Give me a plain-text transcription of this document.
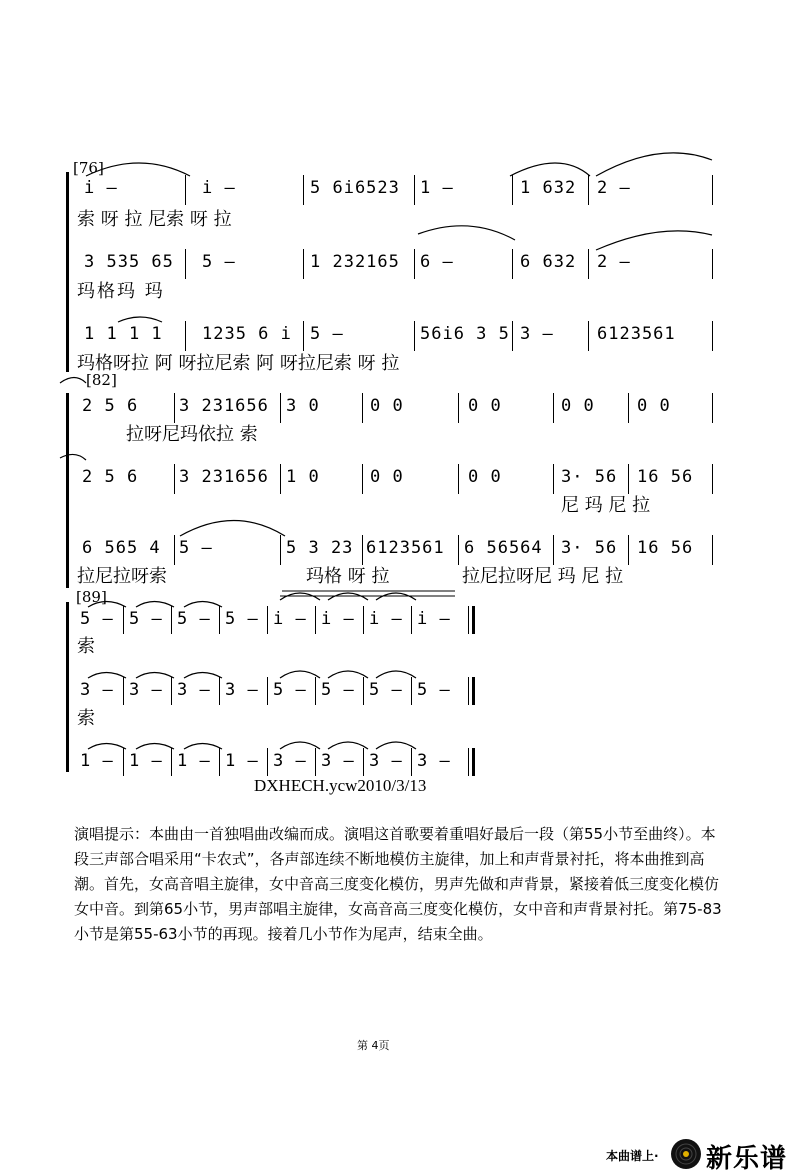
[76]
i –	i –	5 6i6523 1 –	1 632 2 –
索 呀 拉 尼索 呀 拉
3 535 65 5 –	1 232165 6 –	6 632 2 –
玛格玛 玛
1 1 1 1 1235 6 i 5 –	56i6 3 5 3 –	6123561
玛格呀拉 阿 呀拉尼索 阿 呀拉尼索 呀 拉
[82]
2 5 6 3 231656 3 0	0 0	0 0	0 0 0 0
拉呀尼玛依拉 索
2 5 6 3 231656 1 0	0 0	0 0	3· 56 16 56
尼 玛 尼 拉
6 565 4 5 –	5 3 23 6123561 6 56564 3· 56 16 56
拉尼拉呀索	玛格 呀 拉	拉尼拉呀尼 玛 尼 拉
[89]
5 – 5 – 5 – 5 – i – i – i – i –
索
3 – 3 – 3 – 3 – 5 – 5 – 5 – 5 –
索
1 – 1 – 1 – 1 – 3 – 3 – 3 – 3 –
DXHECH.ycw2010/3/13
演唱提示：本曲由一首独唱曲改编而成。演唱这首歌要着重唱好最后一段（第55小节至曲终）。本段三声部合唱采用“卡农式”，各声部连续不断地模仿主旋律，加上和声背景衬托，将本曲推到高潮。首先，女高音唱主旋律，女中音高三度变化模仿，男声先做和声背景，紧接着低三度变化模仿女中音。到第65小节，男声部唱主旋律，女高音高三度变化模仿，女中音和声背景衬托。第75-83小节是第55-63小节的再现。接着几小节作为尾声，结束全曲。
第 4页
本曲谱上· 新乐谱
